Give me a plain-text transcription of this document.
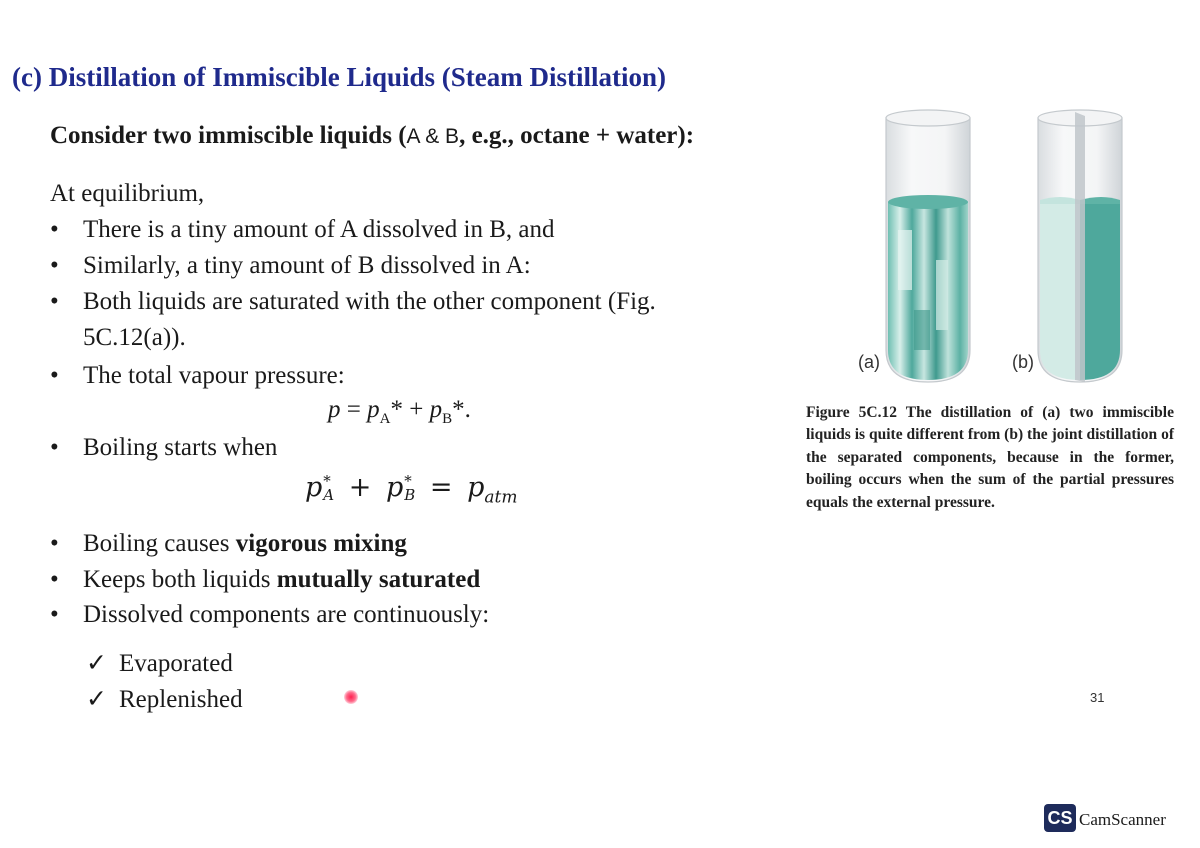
(c) Distillation of Immiscible Liquids (Steam Distillation)
Consider two immiscible liquids (A & B, e.g., octane + water):
At equilibrium,
• There is a tiny amount of A dissolved in B, and
• Similarly, a tiny amount of B dissolved in A:
• Both liquids are saturated with the other component (Fig.
5C.12(a)).
• The total vapour pressure:
$p = p_A* + p_B*$.
• Boiling starts when
p *
A + p *
$B = p_{atm}$
• Boiling causes vigorous mixing
• Keeps both liquids mutually saturated
• Dissolved components are continuously:
✓ Evaporated
✓ Replenished
(a)	(b)
Figure 5C.12 The distillation of (a) two immiscible liquids is quite different from (b) the joint distillation of the separated components, because in the former, boiling occurs when the sum of the partial pressures equals the external pressure.
31
CS CamScanner
